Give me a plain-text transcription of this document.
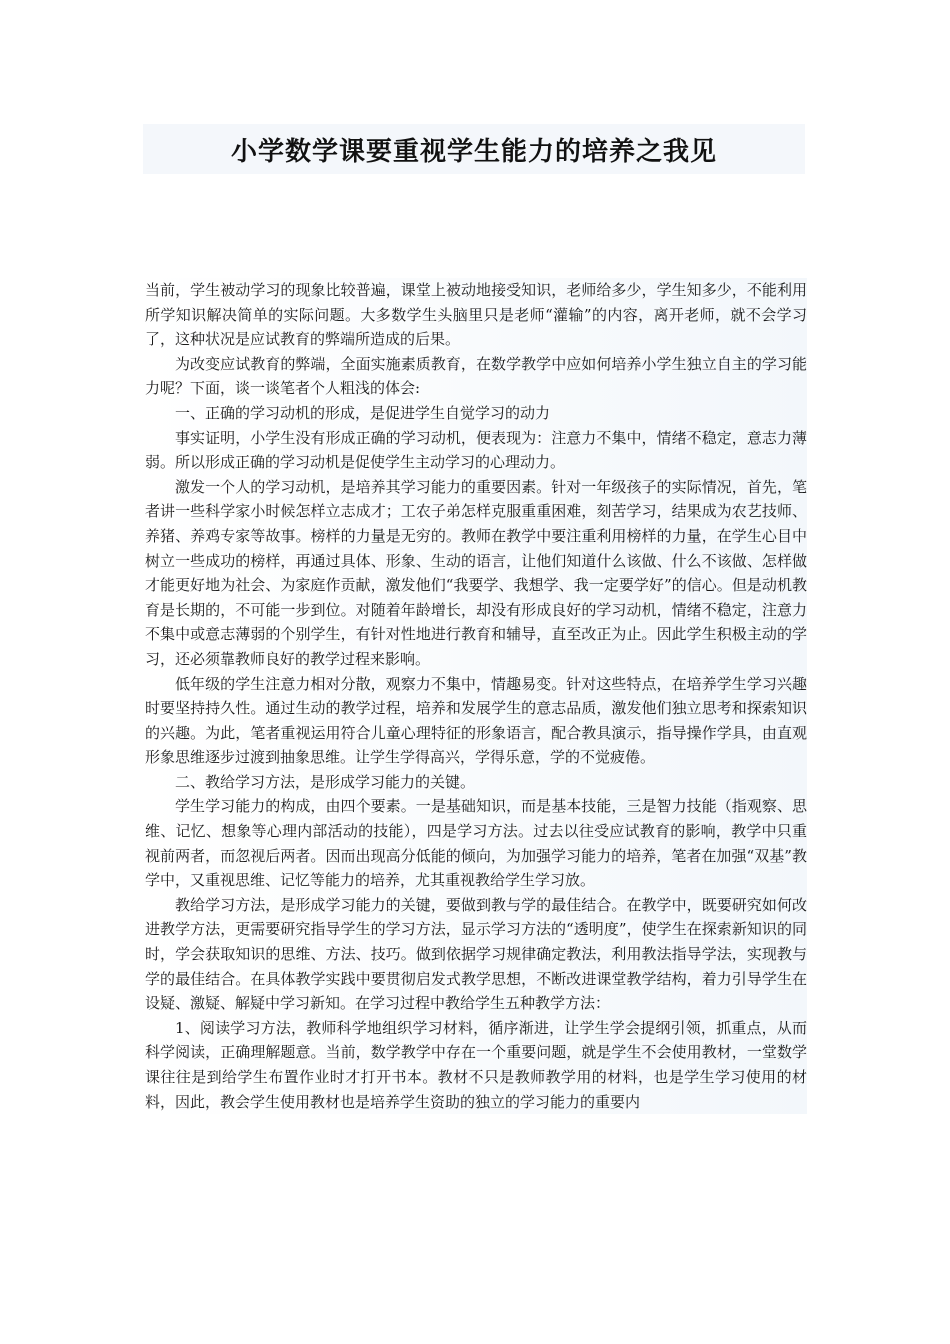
小学数学课要重视学生能力的培养之我见

当前，学生被动学习的现象比较普遍，课堂上被动地接受知识，老师给多少，学生知多少，不能利用所学知识解决简单的实际问题。大多数学生头脑里只是老师“灌输”的内容，离开老师，就不会学习了，这种状况是应试教育的弊端所造成的后果。

为改变应试教育的弊端，全面实施素质教育，在数学教学中应如何培养小学生独立自主的学习能力呢？下面，谈一谈笔者个人粗浅的体会:

一、正确的学习动机的形成，是促进学生自觉学习的动力

事实证明，小学生没有形成正确的学习动机，便表现为：注意力不集中，情绪不稳定，意志力薄弱。所以形成正确的学习动机是促使学生主动学习的心理动力。

激发一个人的学习动机，是培养其学习能力的重要因素。针对一年级孩子的实际情况，首先，笔者讲一些科学家小时候怎样立志成才；工农子弟怎样克服重重困难，刻苦学习，结果成为农艺技师、养猪、养鸡专家等故事。榜样的力量是无穷的。教师在教学中要注重利用榜样的力量，在学生心目中树立一些成功的榜样，再通过具体、形象、生动的语言，让他们知道什么该做、什么不该做、怎样做才能更好地为社会、为家庭作贡献，激发他们“我要学、我想学、我一定要学好”的信心。但是动机教育是长期的，不可能一步到位。对随着年龄增长，却没有形成良好的学习动机，情绪不稳定，注意力不集中或意志薄弱的个别学生，有针对性地进行教育和辅导，直至改正为止。因此学生积极主动的学习，还必须靠教师良好的教学过程来影响。

低年级的学生注意力相对分散，观察力不集中，情趣易变。针对这些特点，在培养学生学习兴趣时要坚持持久性。通过生动的教学过程，培养和发展学生的意志品质，激发他们独立思考和探索知识的兴趣。为此，笔者重视运用符合儿童心理特征的形象语言，配合教具演示，指导操作学具，由直观形象思维逐步过渡到抽象思维。让学生学得高兴，学得乐意，学的不觉疲倦。

二、教给学习方法，是形成学习能力的关键。

学生学习能力的构成，由四个要素。一是基础知识，而是基本技能，三是智力技能（指观察、思维、记忆、想象等心理内部活动的技能），四是学习方法。过去以往受应试教育的影响，教学中只重视前两者，而忽视后两者。因而出现高分低能的倾向，为加强学习能力的培养，笔者在加强“双基”教学中，又重视思维、记忆等能力的培养，尤其重视教给学生学习放。

教给学习方法，是形成学习能力的关键，要做到教与学的最佳结合。在教学中，既要研究如何改进教学方法，更需要研究指导学生的学习方法，显示学习方法的“透明度”，使学生在探索新知识的同时，学会获取知识的思维、方法、技巧。做到依据学习规律确定教法，利用教法指导学法，实现教与学的最佳结合。在具体教学实践中要贯彻启发式教学思想，不断改进课堂教学结构，着力引导学生在设疑、激疑、解疑中学习新知。在学习过程中教给学生五种教学方法：

1、阅读学习方法，教师科学地组织学习材料，循序渐进，让学生学会提纲引领，抓重点，从而科学阅读，正确理解题意。当前，数学教学中存在一个重要问题，就是学生不会使用教材，一堂数学课往往是到给学生布置作业时才打开书本。教材不只是教师教学用的材料，也是学生学习使用的材料，因此，教会学生使用教材也是培养学生资助的独立的学习能力的重要内
